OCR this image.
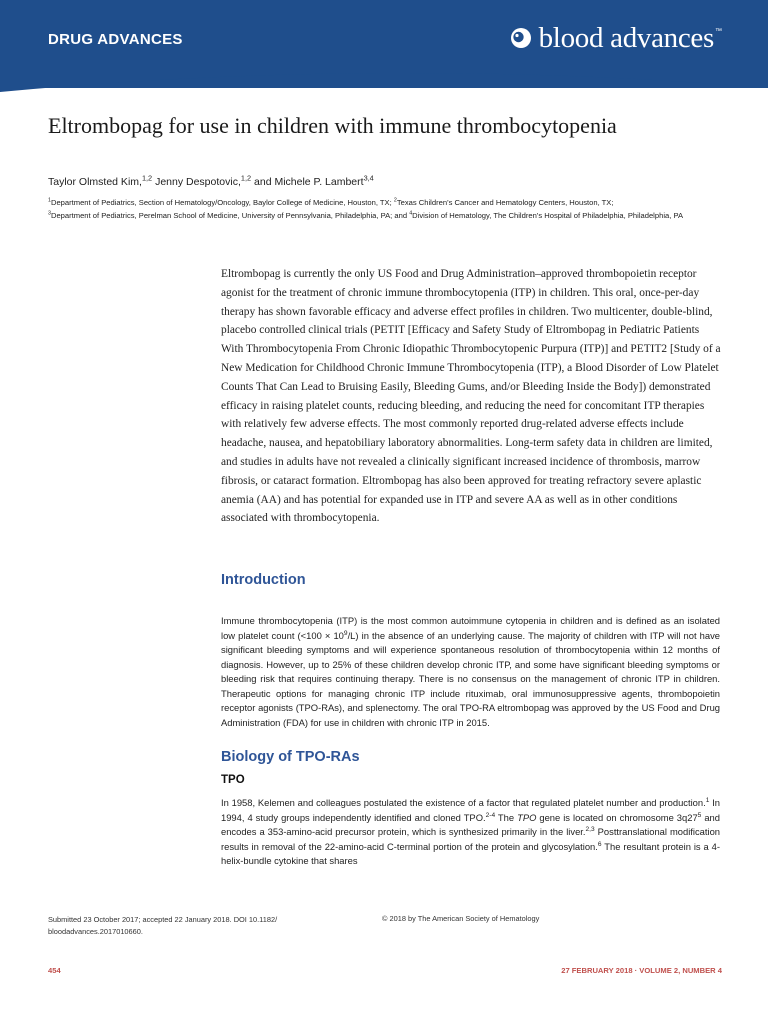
DRUG ADVANCES	blood advances ™
Eltrombopag for use in children with immune thrombocytopenia
Taylor Olmsted Kim,$^{1,2}$ Jenny Despotovic,$^{1,2}$ and Michele P. Lambert$^{3,4}$
$^1$Department of Pediatrics, Section of Hematology/Oncology, Baylor College of Medicine, Houston, TX; $^2$Texas Children’s Cancer and Hematology Centers, Houston, TX;
$^3$Department of Pediatrics, Perelman School of Medicine, University of Pennsylvania, Philadelphia, PA; and $^4$Division of Hematology, The Children’s Hospital of Philadelphia, Philadelphia, PA

Eltrombopag is currently the only US Food and Drug Administration–approved thrombopoietin receptor agonist for the treatment of chronic immune thrombocytopenia (ITP) in children. This oral, once-per-day therapy has shown favorable efficacy and adverse effect profiles in children. Two multicenter, double-blind, placebo controlled clinical trials (PETIT [Efficacy and Safety Study of Eltrombopag in Pediatric Patients With Thrombocytopenia From Chronic Idiopathic Thrombocytopenic Purpura (ITP)] and PETIT2 [Study of a New Medication for Childhood Chronic Immune Thrombocytopenia (ITP), a Blood Disorder of Low Platelet Counts That Can Lead to Bruising Easily, Bleeding Gums, and/or Bleeding Inside the Body]) demonstrated efficacy in raising platelet counts, reducing bleeding, and reducing the need for concomitant ITP therapies with relatively few adverse effects. The most commonly reported drug-related adverse effects include headache, nausea, and hepatobiliary laboratory abnormalities. Long-term safety data in children are limited, and studies in adults have not revealed a clinically significant increased incidence of thrombosis, marrow fibrosis, or cataract formation. Eltrombopag has also been approved for treating refractory severe aplastic anemia (AA) and has potential for expanded use in ITP and severe AA as well as in other conditions associated with thrombocytopenia.

Introduction

Immune thrombocytopenia (ITP) is the most common autoimmune cytopenia in children and is defined as an isolated low platelet count $(<100 \times 10^9/L)$ in the absence of an underlying cause. The majority of children with ITP will not have significant bleeding symptoms and will experience spontaneous resolution of thrombocytopenia within 12 months of diagnosis. However, up to 25% of these children develop chronic ITP, and some have significant bleeding symptoms or bleeding risk that requires continuing therapy. There is no consensus on the management of chronic ITP in children. Therapeutic options for managing chronic ITP include rituximab, oral immunosuppressive agents, thrombopoietin receptor agonists (TPO-RAs), and splenectomy. The oral TPO-RA eltrombopag was approved by the US Food and Drug Administration (FDA) for use in children with chronic ITP in 2015.

Biology of TPO-RAs
TPO

In 1958, Kelemen and colleagues postulated the existence of a factor that regulated platelet number and production.$^1$ In 1994, 4 study groups independently identified and cloned TPO.$^{2-4}$ The TPO gene is located on chromosome $3q27^5$ and encodes a 353-amino-acid precursor protein, which is synthesized primarily in the liver.$^{2,3}$ Posttranslational modification results in removal of the 22-amino-acid C-terminal portion of the protein and glycosylation.$^6$ The resultant protein is a 4-helix-bundle cytokine that shares

Submitted 23 October 2017; accepted 22 January 2018. DOI 10.1182/
bloodadvances.2017010660.
© 2018 by The American Society of Hematology
454	27 FEBRUARY 2018 · VOLUME 2, NUMBER 4
